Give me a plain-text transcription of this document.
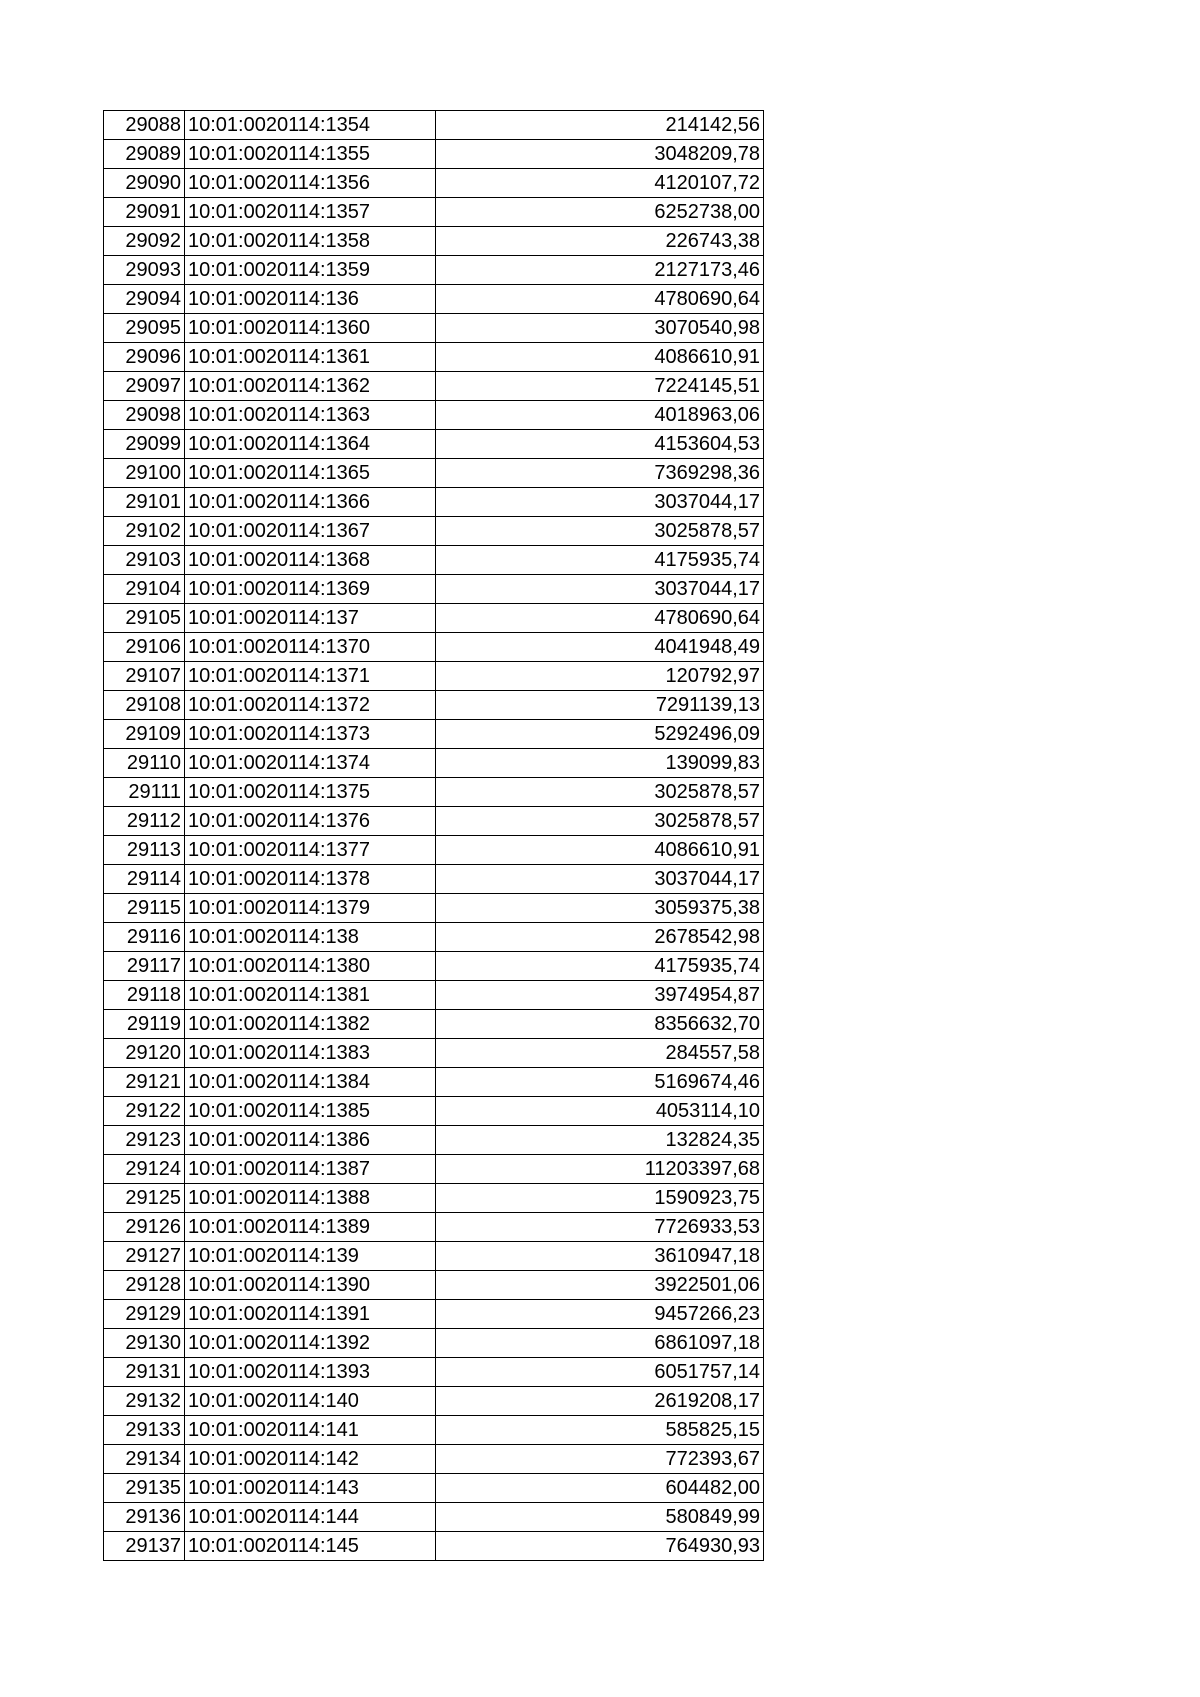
29088	10:01:0020114:1354	214142,56
29089	10:01:0020114:1355	3048209,78
29090	10:01:0020114:1356	4120107,72
29091	10:01:0020114:1357	6252738,00
29092	10:01:0020114:1358	226743,38
29093	10:01:0020114:1359	2127173,46
29094	10:01:0020114:136	4780690,64
29095	10:01:0020114:1360	3070540,98
29096	10:01:0020114:1361	4086610,91
29097	10:01:0020114:1362	7224145,51
29098	10:01:0020114:1363	4018963,06
29099	10:01:0020114:1364	4153604,53
29100	10:01:0020114:1365	7369298,36
29101	10:01:0020114:1366	3037044,17
29102	10:01:0020114:1367	3025878,57
29103	10:01:0020114:1368	4175935,74
29104	10:01:0020114:1369	3037044,17
29105	10:01:0020114:137	4780690,64
29106	10:01:0020114:1370	4041948,49
29107	10:01:0020114:1371	120792,97
29108	10:01:0020114:1372	7291139,13
29109	10:01:0020114:1373	5292496,09
29110	10:01:0020114:1374	139099,83
29111	10:01:0020114:1375	3025878,57
29112	10:01:0020114:1376	3025878,57
29113	10:01:0020114:1377	4086610,91
29114	10:01:0020114:1378	3037044,17
29115	10:01:0020114:1379	3059375,38
29116	10:01:0020114:138	2678542,98
29117	10:01:0020114:1380	4175935,74
29118	10:01:0020114:1381	3974954,87
29119	10:01:0020114:1382	8356632,70
29120	10:01:0020114:1383	284557,58
29121	10:01:0020114:1384	5169674,46
29122	10:01:0020114:1385	4053114,10
29123	10:01:0020114:1386	132824,35
29124	10:01:0020114:1387	11203397,68
29125	10:01:0020114:1388	1590923,75
29126	10:01:0020114:1389	7726933,53
29127	10:01:0020114:139	3610947,18
29128	10:01:0020114:1390	3922501,06
29129	10:01:0020114:1391	9457266,23
29130	10:01:0020114:1392	6861097,18
29131	10:01:0020114:1393	6051757,14
29132	10:01:0020114:140	2619208,17
29133	10:01:0020114:141	585825,15
29134	10:01:0020114:142	772393,67
29135	10:01:0020114:143	604482,00
29136	10:01:0020114:144	580849,99
29137	10:01:0020114:145	764930,93
